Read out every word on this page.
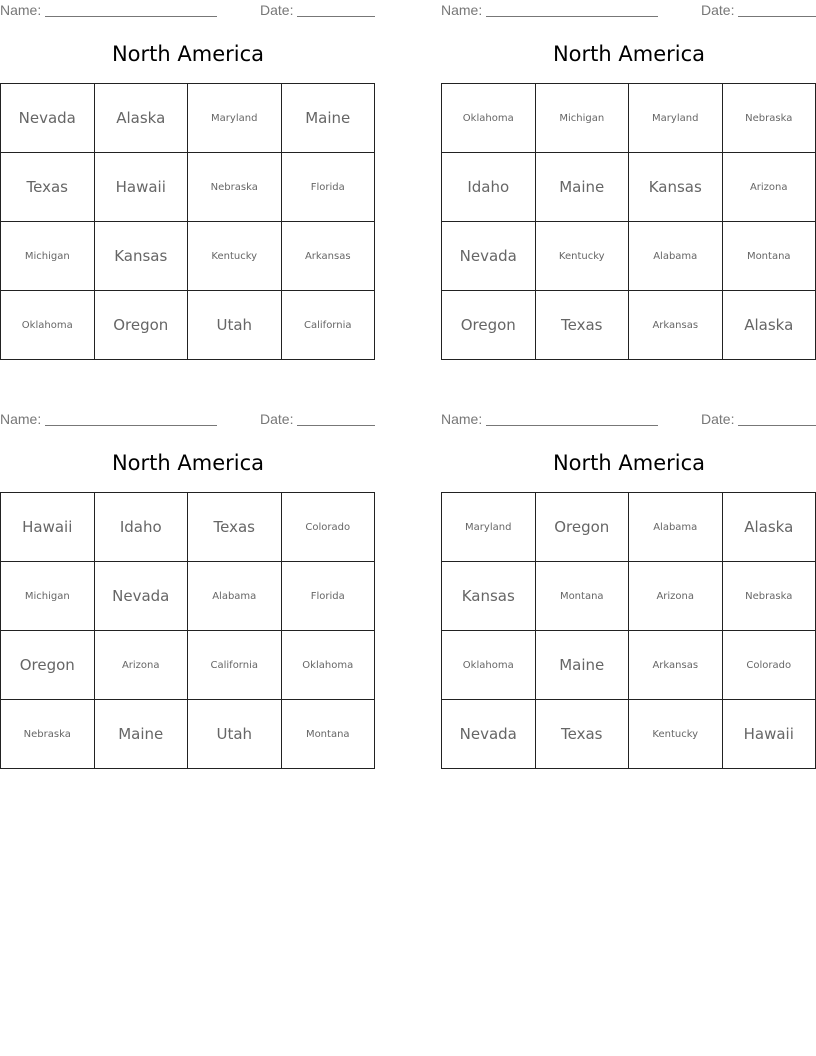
Name:	Date:
North America
Nevada	Alaska	Maryland	Maine
Texas	Hawaii	Nebraska	Florida
Michigan	Kansas	Kentucky	Arkansas
Oklahoma	Oregon	Utah	California
Name:	Date:
North America
Oklahoma	Michigan	Maryland	Nebraska
Idaho	Maine	Kansas	Arizona
Nevada	Kentucky	Alabama	Montana
Oregon	Texas	Arkansas	Alaska
Name:	Date:
North America
Hawaii	Idaho	Texas	Colorado
Michigan	Nevada	Alabama	Florida
Oregon	Arizona	California	Oklahoma
Nebraska	Maine	Utah	Montana
Name:	Date:
North America
Maryland	Oregon	Alabama	Alaska
Kansas	Montana	Arizona	Nebraska
Oklahoma	Maine	Arkansas	Colorado
Nevada	Texas	Kentucky	Hawaii
